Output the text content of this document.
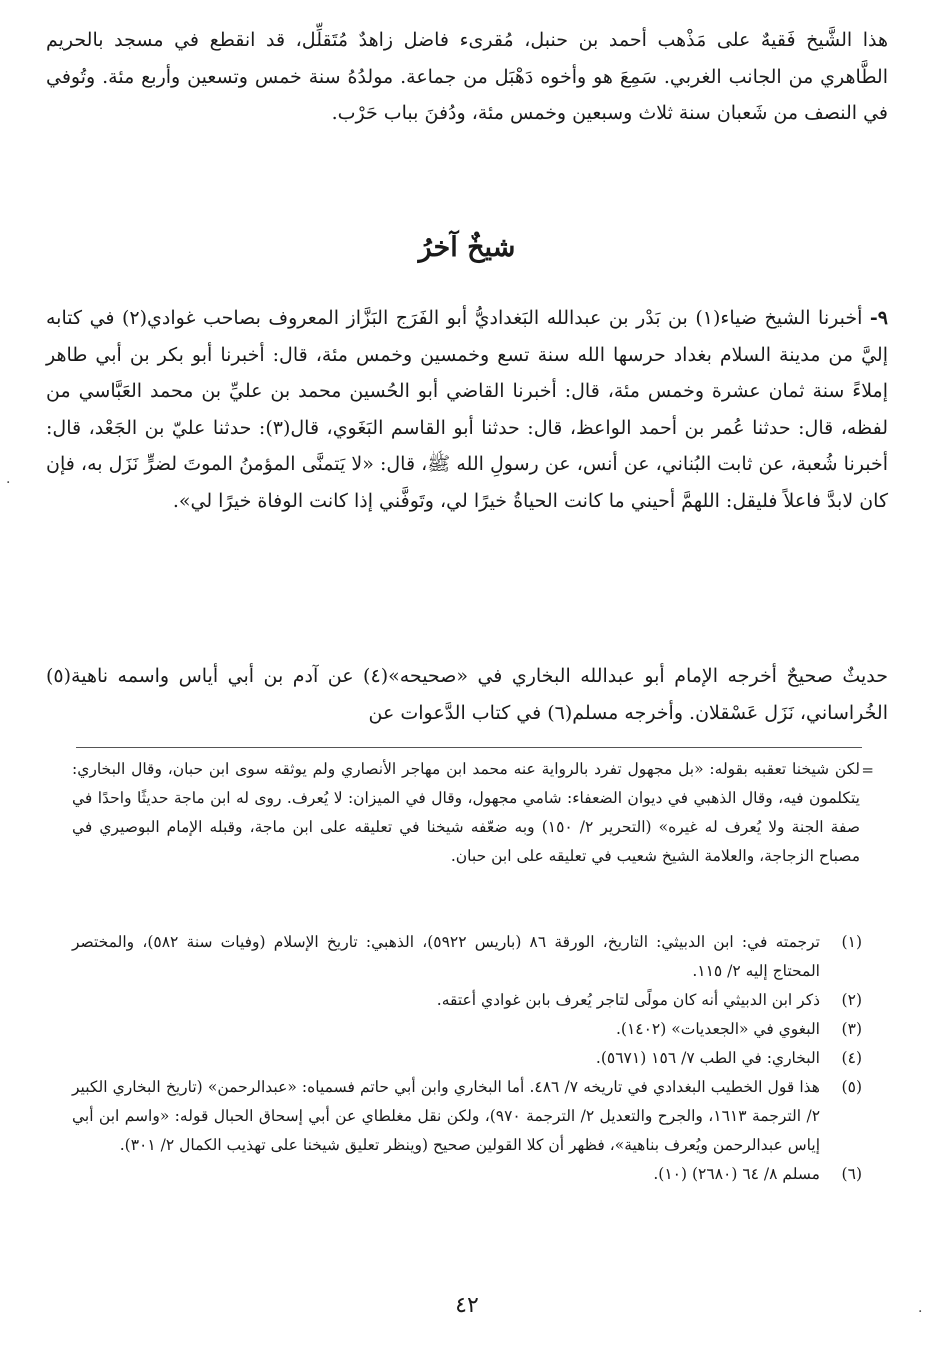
هذا الشَّيخ فَقيهٌ على مَذْهب أحمد بن حنبل، مُقرىء فاضل زاهدٌ مُتَقلِّل، قد انقطع في مسجد بالحريم الطَّاهري من الجانب الغربي. سَمِعَ هو وأخوه دَهْبَل من جماعة. مولدُهُ سنة خمس وتسعين وأربع مئة. وتُوفي في النصف من شَعبان سنة ثلاث وسبعين وخمس مئة، ودُفنَ بباب حَرْب.

شيخٌ آخرُ

٩- أخبرنا الشيخ ضياء(١) بن بَدْر بن عبدالله البَغداديُّ أبو الفَرَج البَزَّاز المعروف بصاحب غوادي(٢) في كتابه إليَّ من مدينة السلام بغداد حرسها الله سنة تسع وخمسين وخمس مئة، قال: أخبرنا أبو بكر بن أبي طاهر إملاءً سنة ثمان عشرة وخمس مئة، قال: أخبرنا القاضي أبو الحُسين محمد بن عليِّ بن محمد العَبَّاسي من لفظه، قال: حدثنا عُمر بن أحمد الواعظ، قال: حدثنا أبو القاسم البَغَوي، قال(٣): حدثنا عليّ بن الجَعْد، قال: أخبرنا شُعبة، عن ثابت البُناني، عن أنس، عن رسولِ الله ﷺ، قال: «لا يَتمنَّى المؤمنُ الموتَ لضرٍّ نَزَل به، فإن كان لابدَّ فاعلاً فليقل: اللهمَّ أحيني ما كانت الحياةُ خيرًا لي، وتَوفَّني إذا كانت الوفاة خيرًا لي».

حديثٌ صحيحٌ أخرجه الإمام أبو عبدالله البخاري في «صحيحه»(٤) عن آدم بن أبي أياس واسمه ناهية(٥) الخُراساني، نَزَل عَسْقلان. وأخرجه مسلم(٦) في كتاب الدَّعوات عن

=

لكن شيخنا تعقبه بقوله: «بل مجهول تفرد بالرواية عنه محمد ابن مهاجر الأنصاري ولم يوثقه سوى ابن حبان، وقال البخاري: يتكلمون فيه، وقال الذهبي في ديوان الضعفاء: شامي مجهول، وقال في الميزان: لا يُعرف. روى له ابن ماجة حديثًا واحدًا في صفة الجنة ولا يُعرف له غيره» (التحرير ٢/ ١٥٠) وبه ضعّفه شيخنا في تعليقه على ابن ماجة، وقبله الإمام البوصيري في مصباح الزجاجة، والعلامة الشيخ شعيب في تعليقه على ابن حبان.

(١)
ترجمته في: ابن الدبيثي: التاريخ، الورقة ٨٦ (باريس ٥٩٢٢)، الذهبي: تاريخ الإسلام (وفيات سنة ٥٨٢)، والمختصر المحتاج إليه ٢/ ١١٥.
(٢)
ذكر ابن الدبيثي أنه كان مولًى لتاجر يُعرف بابن غوادي أعتقه.
(٣)
البغوي في «الجعديات» (١٤٠٢).
(٤)
البخاري: في الطب ٧/ ١٥٦ (٥٦٧١).
(٥)
هذا قول الخطيب البغدادي في تاريخه ٧/ ٤٨٦. أما البخاري وابن أبي حاتم فسمياه: «عبدالرحمن» (تاريخ البخاري الكبير ٢/ الترجمة ١٦١٣، والجرح والتعديل ٢/ الترجمة ٩٧٠)، ولكن نقل مغلطاي عن أبي إسحاق الحبال قوله: «واسم ابن أبي إياس عبدالرحمن ويُعرف بناهية»، فظهر أن كلا القولين صحيح (وينظر تعليق شيخنا على تهذيب الكمال ٢/ ٣٠١).
(٦)
مسلم ٨/ ٦٤ (٢٦٨٠) (١٠).
٤٢
·
·
